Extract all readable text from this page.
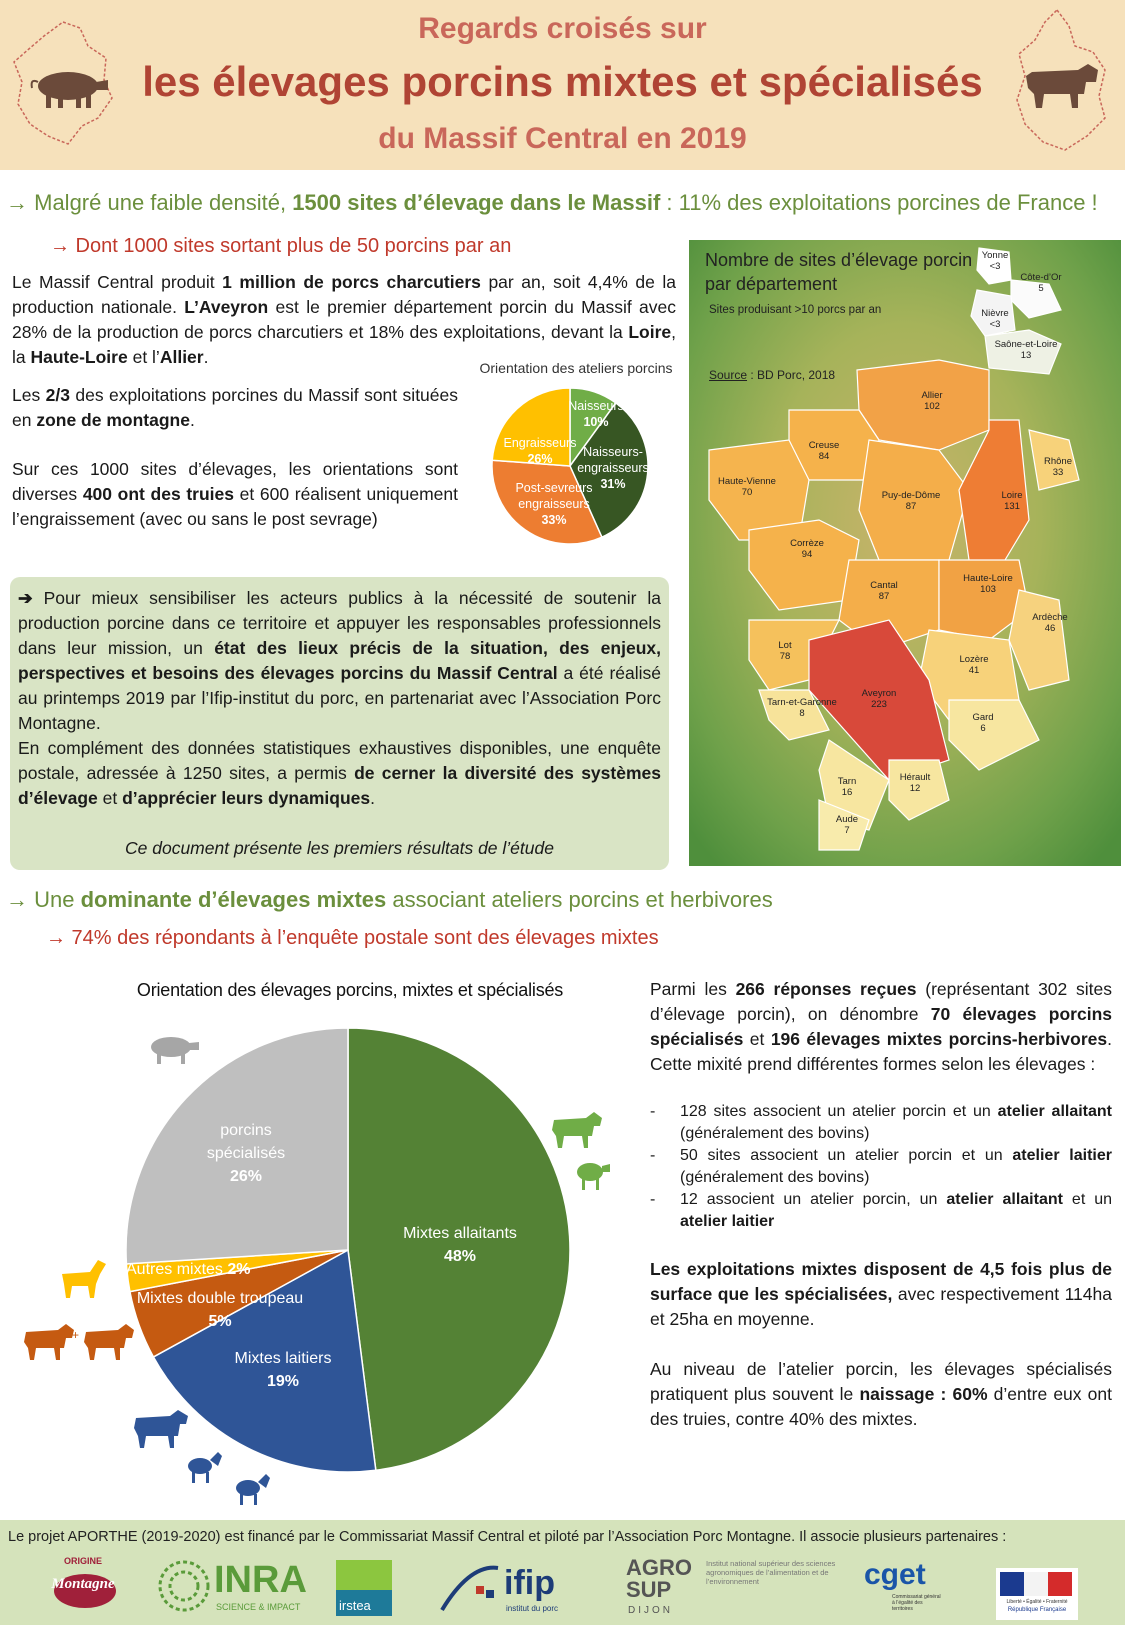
Regards croisés sur
les élevages porcins mixtes et spécialisés
du Massif Central en 2019
→ Malgré une faible densité, 1500 sites d’élevage dans le Massif : 11% des exploitations porcines de France !
→ Dont 1000 sites sortant plus de 50 porcins par an
Le Massif Central produit 1 million de porcs charcutiers par an, soit 4,4% de la production nationale. L’Aveyron est le premier département porcin du Massif avec 28% de la production de porcs charcutiers et 18% des exploitations, devant la Loire, la Haute-Loire et l’Allier.
Les 2/3 des exploitations porcines du Massif sont situées en zone de montagne.
Sur ces 1000 sites d’élevages, les orientations sont diverses 400 ont des truies et 600 réalisent uniquement l’engraissement (avec ou sans le post sevrage)
Orientation des ateliers porcins
Naisseurs
10%
Naisseurs-
engraisseurs
31%
Engraisseurs
26%
Post-sevreurs
engraisseurs
33%
➔ Pour mieux sensibiliser les acteurs publics à la nécessité de soutenir la production porcine dans ce territoire et appuyer les responsables professionnels dans leur mission, un état des lieux précis de la situation, des enjeux, perspectives et besoins des élevages porcins du Massif Central a été réalisé au printemps 2019 par l’Ifip-institut du porc, en partenariat avec l’Association Porc Montagne.
En complément des données statistiques exhaustives disponibles, une enquête postale, adressée à 1250 sites, a permis de cerner la diversité des systèmes d’élevage et d’apprécier leurs dynamiques.
Ce document présente les premiers résultats de l’étude
Nombre de sites d’élevage porcin
par département
Sites produisant >10 porcs par an
Source : BD Porc, 2018
Yonne
<3
Côte-d’Or
5
Nièvre
<3
Saône-et-Loire
13
Allier
102
Creuse
84
Haute-Vienne
70	Puy-de-Dôme
87
Loire
131
Rhône
33
Corrèze
94
Cantal
87
Haute-Loire
103
Ardèche
46
Lot
78	Lozère
41
Aveyron
223
Tarn-et-Garonne
8	Gard
6
Tarn
16
Hérault
12
Aude
7
→ Une dominante d’élevages mixtes associant ateliers porcins et herbivores
→ 74% des répondants à l’enquête postale sont des élevages mixtes
Orientation des élevages porcins, mixtes et spécialisés
Mixtes allaitants
48%
Mixtes laitiers
19%
Mixtes double troupeau
5%
Autres mixtes 2%
porcins
spécialisés
26%
+
Parmi les 266 réponses reçues (représentant 302 sites d’élevage porcin), on dénombre 70 élevages porcins spécialisés et 196 élevages mixtes porcins-herbivores. Cette mixité prend différentes formes selon les élevages :
- 128 sites associent un atelier porcin et un atelier allaitant (généralement des bovins)
- 50 sites associent un atelier porcin et un atelier laitier (généralement des bovins)
- 12 associent un atelier porcin, un atelier allaitant et un atelier laitier
Les exploitations mixtes disposent de 4,5 fois plus de surface que les spécialisées, avec respectivement 114ha et 25ha en moyenne.
Au niveau de l’atelier porcin, les élevages spécialisés pratiquent plus souvent le naissage : 60% d’entre eux ont des truies, contre 40% des mixtes.
Le projet APORTHE (2019-2020) est financé par le Commissariat Massif Central et piloté par l’Association Porc Montagne. Il associe plusieurs partenaires :
ORIGINE
Montagne	INRA
SCIENCE & IMPACT	irstea
ifip
institut du porc
AGRO
SUP
DIJON
Institut national supérieur des sciences agronomiques de l’alimentation et de l’environnement	cget
Commissariat général à l’égalité des territoires
Liberté • Égalité • Fraternité
République Française
